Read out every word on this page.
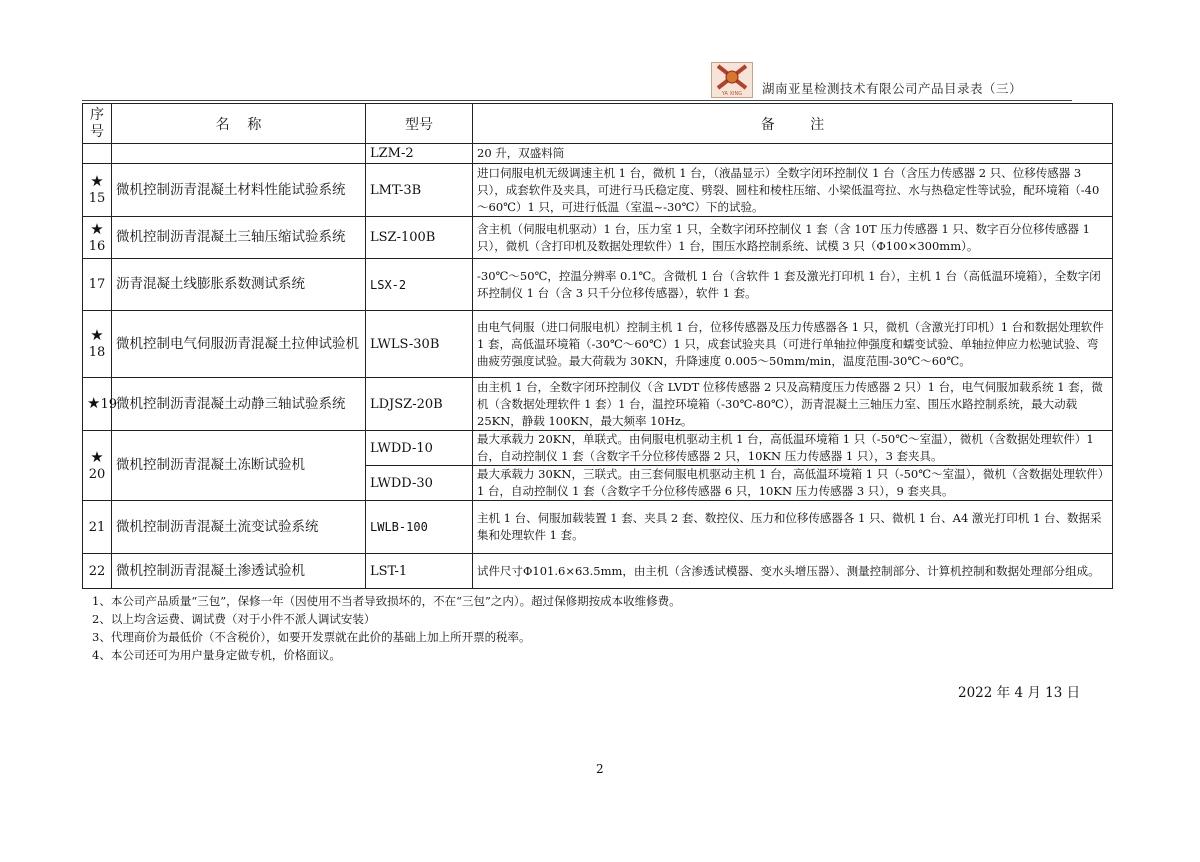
YA XING	湖南亚星检测技术有限公司产品目录表（三）
序号	名    称	型号	备        注
		LZM-2	20 升，双盛料筒

★
15	微机控制沥青混凝土材料性能试验系统	LMT-3B	进口伺服电机无级调速主机 1 台，微机 1 台，（液晶显示）全数字闭环控制仪 1 台（含压力传感器 2 只、位移传感器 3 只），成套软件及夹具，可进行马氏稳定度、劈裂、圆柱和棱柱压缩、小梁低温弯拉、水与热稳定性等试验，配环境箱（-40～60℃）1 只，可进行低温（室温~-30℃）下的试验。

★
16	微机控制沥青混凝土三轴压缩试验系统	LSZ-100B	含主机（伺服电机驱动）1 台，压力室 1 只，全数字闭环控制仪 1 套（含 10T 压力传感器 1 只、数字百分位移传感器 1 只），微机（含打印机及数据处理软件）1 台，围压水路控制系统、试模 3 只（Φ100×300mm）。
17	沥青混凝土线膨胀系数测试系统	LSX-2	-30℃～50℃，控温分辨率 0.1℃。含微机 1 台（含软件 1 套及激光打印机 1 台），主机 1 台（高低温环境箱），全数字闭环控制仪 1 台（含 3 只千分位移传感器），软件 1 套。

★
18	微机控制电气伺服沥青混凝土拉伸试验机	LWLS-30B	由电气伺服（进口伺服电机）控制主机 1 台，位移传感器及压力传感器各 1 只，微机（含激光打印机）1 台和数据处理软件 1 套，高低温环境箱（-30℃～60℃）1 只，成套试验夹具（可进行单轴拉伸强度和蠕变试验、单轴拉伸应力松驰试验、弯曲疲劳强度试验。最大荷载为 30KN，升降速度 0.005～50mm/min，温度范围-30℃～60℃。
★19	微机控制沥青混凝土动静三轴试验系统	LDJSZ-20B	由主机 1 台，全数字闭环控制仪（含 LVDT 位移传感器 2 只及高精度压力传感器 2 只）1 台，电气伺服加载系统 1 套，微机（含数据处理软件 1 套）1 台，温控环境箱（-30℃-80℃），沥青混凝土三轴压力室、围压水路控制系统，最大动载 25KN，静载 100KN，最大频率 10Hz。

★
20	微机控制沥青混凝土冻断试验机	LWDD-10	最大承载力 20KN，单联式。由伺服电机驱动主机 1 台，高低温环境箱 1 只（-50℃～室温），微机（含数据处理软件）1 台，自动控制仪 1 套（含数字千分位移传感器 2 只，10KN 压力传感器 1 只），3 套夹具。
		LWDD-30	最大承载力 30KN，三联式。由三套伺服电机驱动主机 1 台，高低温环境箱 1 只（-50℃～室温），微机（含数据处理软件）1 台，自动控制仪 1 套（含数字千分位移传感器 6 只，10KN 压力传感器 3 只），9 套夹具。
21	微机控制沥青混凝土流变试验系统	LWLB-100	主机 1 台、伺服加载装置 1 套、夹具 2 套、数控仪、压力和位移传感器各 1 只、微机 1 台、A4 激光打印机 1 台、数据采集和处理软件 1 套。
22	微机控制沥青混凝土渗透试验机	LST-1	试件尺寸Φ101.6×63.5mm，由主机（含渗透试模器、变水头增压器）、测量控制部分、计算机控制和数据处理部分组成。
1、本公司产品质量“三包”，保修一年（因使用不当者导致损坏的，不在“三包”之内）。超过保修期按成本收维修费。
2、以上均含运费、调试费（对于小件不派人调试安装）
3、代理商价为最低价（不含税价），如要开发票就在此价的基础上加上所开票的税率。
4、本公司还可为用户量身定做专机，价格面议。
2022 年 4 月 13 日
2
